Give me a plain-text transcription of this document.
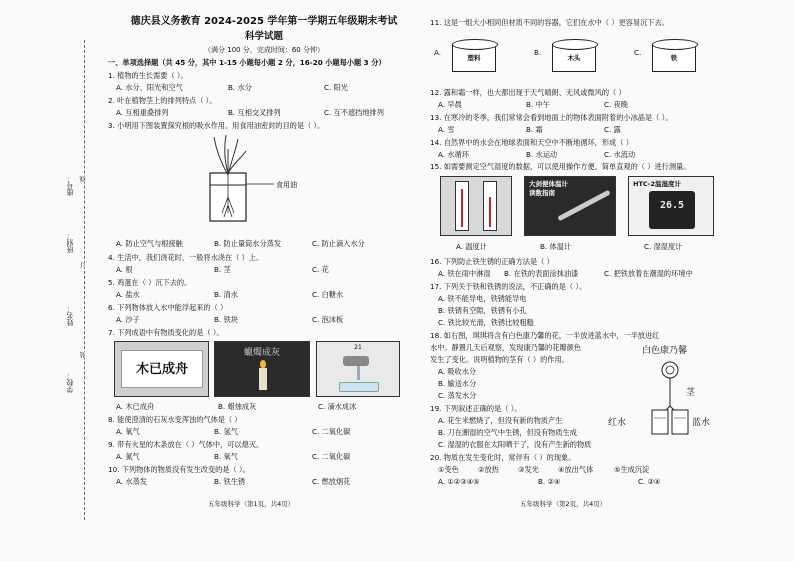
座号：
班别：
姓名：
学校：
线
订
装
德庆县义务教育 2024-2025 学年第一学期五年级期末考试
科学试题
（满分 100 分，完成时间：60 分钟）
一、单项选择题（共 45 分，其中 1-15 小题每小题 2 分，16-20 小题每小题 3 分）
1. 植物的生长需要（ ）。
A. 水分、阳光和空气	B. 水分	C. 阳光
2. 叶在植物茎上的排列特点（ ）。
A. 互相重叠排列	B. 互相交叉排列	C. 互不遮挡地排列
3. 小明用下图装置探究根的吸水作用。用食用油密封的目的是（ ）。
食用油
A. 防止空气与根接触	B. 防止量筒水分蒸发	C. 防止滴入水分
4. 生活中，我们浇花时，一般将水浇在（ ）上。
A. 根	B. 茎	C. 花
5. 鸡蛋在（ ）沉下去的。
A. 盐水	B. 清水	C. 白糖水
6. 下列物体放入水中能浮起来的（ ）
A. 沙子	B. 铁块	C. 泡沫板
7. 下列成语中有物质变化的是（ ）。
木已成舟
蠟燭成灰
21
A. 木已成舟	B. 蜡烛成灰	C. 滴水成冰
8. 能使澄清的石灰水变浑浊的气体是（ ）
A. 氧气	B. 氢气	C. 二氧化碳
9. 带有火星的木条放在（ ）气体中，可以熄灭。
A. 氮气	B. 氧气	C. 二氧化碳
10. 下列物体的物质没有发生改变的是（ ）。
A. 水蒸发	B. 铁生锈	C. 燃放烟花
五年级科学（第1页，共4页）
11. 这是一组大小相同但材质不同的容器，它们在水中（ ）更容易沉下去。
A.
塑料
B.
木头
C.
铁
12. 露和霜一样，也大都出现于天气晴朗、无风或微风的（ ）
A. 早晨	B. 中午	C. 夜晚
13. 在寒冷的冬季，我们常常会看到地面上的物体表面附着的小冰晶是（ ）。
A. 雪	B. 霜	C. 露
14. 自然界中的水会在地球表面和天空中不断地循环，形成（ ）
A. 水循环	B. 水运动	C. 水流动
15. 如需要测定空气湿度的数据，可以使用操作方便、简单直观的（ ）进行测量。
大剑便体温计
读数指南
HTC-2温湿度计
26.5
A. 温度计	B. 体温计	C. 湿湿度计
16. 下列防止铁生锈的正确方法是（ ）
A. 铁在雨中淋湿 B. 在铁的表面涂抹油漆	C. 把铁放着在潮湿的环境中
17. 下列关于铁和铁锈的说法，不正确的是（ ）。
A. 铁不能导电，铁锈能导电
B. 铁锈有空隙，铁锈有小孔
C. 铁比较光滑，铁锈比较粗糙
18. 如右图，琪琪将含有白色康乃馨的花，一半放进蓝水中，一半放进红
水中。静置几天后观察，发现康乃馨的花瓣颜色
发生了变化。说明植物的茎有（ ）的作用。
A. 吸收水分
B. 输送水分
C. 蒸发水分
白色康乃馨
茎
红水	蓝水
19. 下列叙述正确的是（ ）。
A. 花生米燃烧了，但没有新的物质产生
B. 刀在潮湿的空气中生锈，但没有物质生成
C. 湿湿的衣服在太阳晒干了，没有产生新的物质
20. 物质在发生变化时，常伴有（ ）的现象。
①变色	②放热	③发光	④放出气体	⑤生成沉淀
A. ①②③④⑤	B. ②④	C. ②④
五年级科学（第2页，共4页）
